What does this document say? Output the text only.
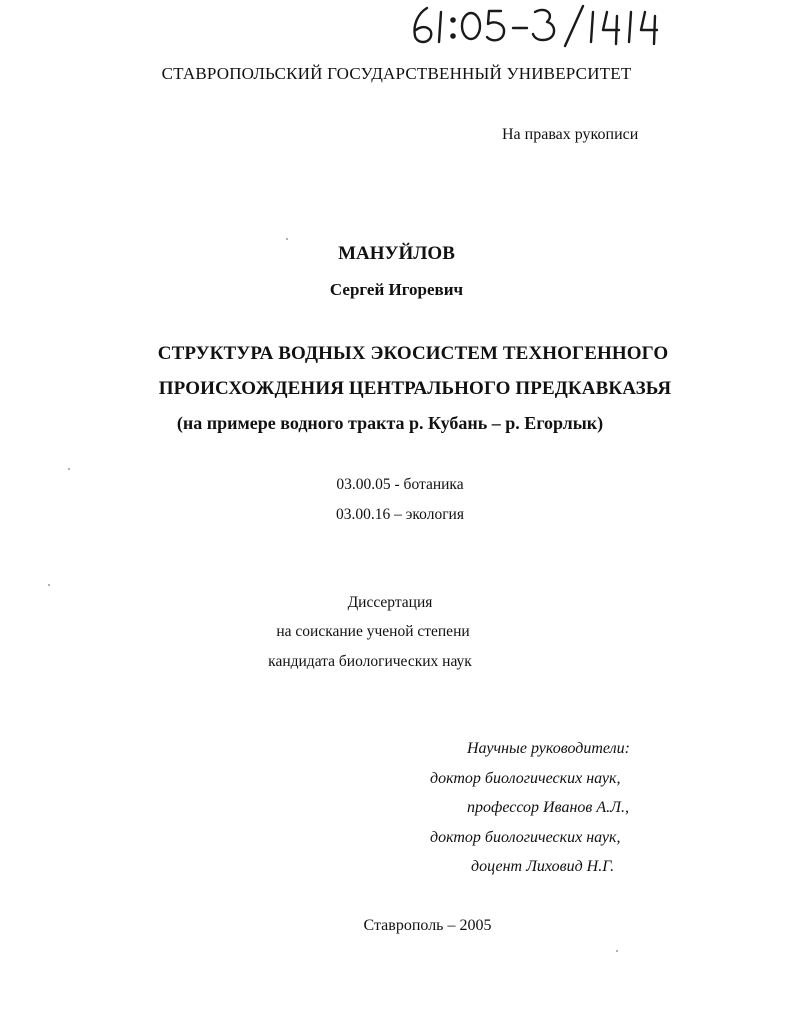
СТАВРОПОЛЬСКИЙ ГОСУДАРСТВЕННЫЙ УНИВЕРСИТЕТ
На правах рукописи
МАНУЙЛОВ
Сергей Игоревич
СТРУКТУРА ВОДНЫХ ЭКОСИСТЕМ ТЕХНОГЕННОГО
ПРОИСХОЖДЕНИЯ ЦЕНТРАЛЬНОГО ПРЕДКАВКАЗЬЯ
(на примере водного тракта р. Кубань – р. Егорлык)
03.00.05 - ботаника
03.00.16 – экология
Диссертация
на соискание ученой степени
кандидата биологических наук
Научные руководители:
доктор биологических наук,
профессор Иванов А.Л.,
доктор биологических наук,
доцент Лиховид Н.Г.
Ставрополь – 2005
